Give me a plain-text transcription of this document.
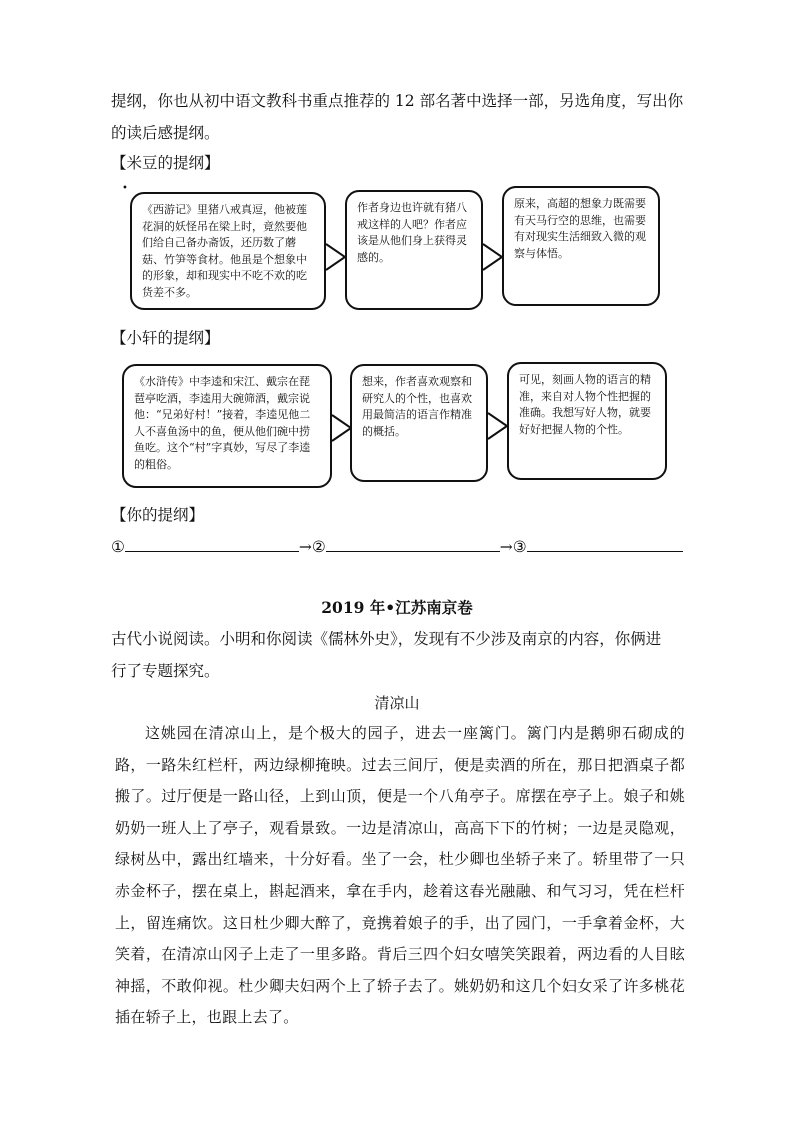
提纲，你也从初中语文教科书重点推荐的 12 部名著中选择一部，另选角度，写出你
的读后感提纲。
【米豆的提纲】
•
《西游记》里猪八戒真逗，他被莲花洞的妖怪吊在梁上时，竟然要他们给自己备办斋饭，还历数了蘑菇、竹笋等食材。他虽是个想象中的形象，却和现实中不吃不欢的吃货差不多。
作者身边也许就有猪八戒这样的人吧？作者应该是从他们身上获得灵感的。
原来，高超的想象力既需要有天马行空的思维，也需要有对现实生活细致入微的观察与体悟。
【小轩的提纲】
《水浒传》中李逵和宋江、戴宗在琵琶亭吃酒，李逵用大碗筛酒，戴宗说他：“兄弟好村！”接着，李逵见他二人不喜鱼汤中的鱼，便从他们碗中捞鱼吃。这个“村”字真妙，写尽了李逵的粗俗。
想来，作者喜欢观察和研究人的个性，也喜欢用最简洁的语言作精准的概括。
可见，刻画人物的语言的精准，来自对人物个性把握的准确。我想写好人物，就要好好把握人物的个性。
【你的提纲】
①	→②	→③
2019 年•江苏南京卷
古代小说阅读。小明和你阅读《儒林外史》，发现有不少涉及南京的内容，你俩进
行了专题探究。
清凉山
这姚园在清凉山上，是个极大的园子，进去一座篱门。篱门内是鹅卵石砌成的路，一路朱红栏杆，两边绿柳掩映。过去三间厅，便是卖酒的所在，那日把酒桌子都搬了。过厅便是一路山径，上到山顶，便是一个八角亭子。席摆在亭子上。娘子和姚奶奶一班人上了亭子，观看景致。一边是清凉山，高高下下的竹树；一边是灵隐观，绿树丛中，露出红墙来，十分好看。坐了一会，杜少卿也坐轿子来了。轿里带了一只赤金杯子，摆在桌上，斟起酒来，拿在手内，趁着这春光融融、和气习习，凭在栏杆上，留连痛饮。这日杜少卿大醉了，竟携着娘子的手，出了园门，一手拿着金杯，大笑着，在清凉山冈子上走了一里多路。背后三四个妇女嘻笑笑跟着，两边看的人目眩神摇，不敢仰视。杜少卿夫妇两个上了轿子去了。姚奶奶和这几个妇女采了许多桃花插在轿子上，也跟上去了。
